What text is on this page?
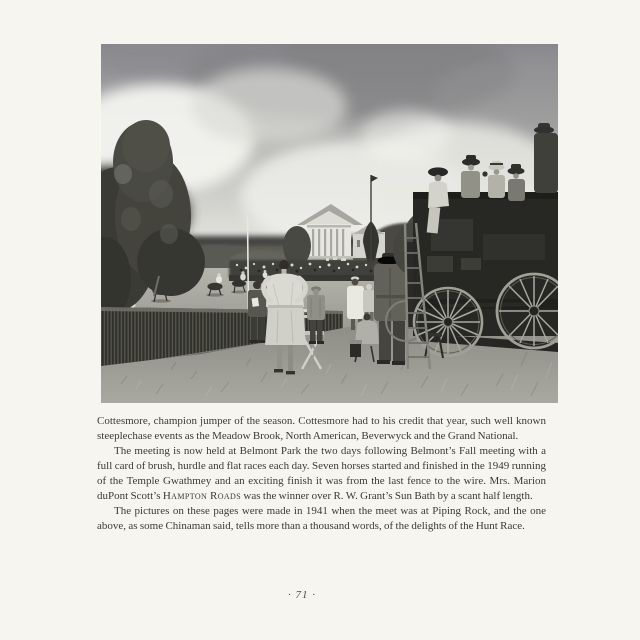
Cottesmore, champion jumper of the season. Cottesmore had to his credit that year, such well known steeplechase events as the Meadow Brook, North American, Beverwyck and the Grand National.

The meeting is now held at Belmont Park the two days following Belmont’s Fall meeting with a full card of brush, hurdle and flat races each day. Seven horses started and finished in the 1949 running of the Temple Gwathmey and an exciting finish it was from the last fence to the wire. Mrs. Marion duPont Scott’s Hampton Roads was the winner over R. W. Grant’s Sun Bath by a scant half length.

The pictures on these pages were made in 1941 when the meet was at Piping Rock, and the one above, as some Chinaman said, tells more than a thousand words, of the delights of the Hunt Race.

· 71 ·
